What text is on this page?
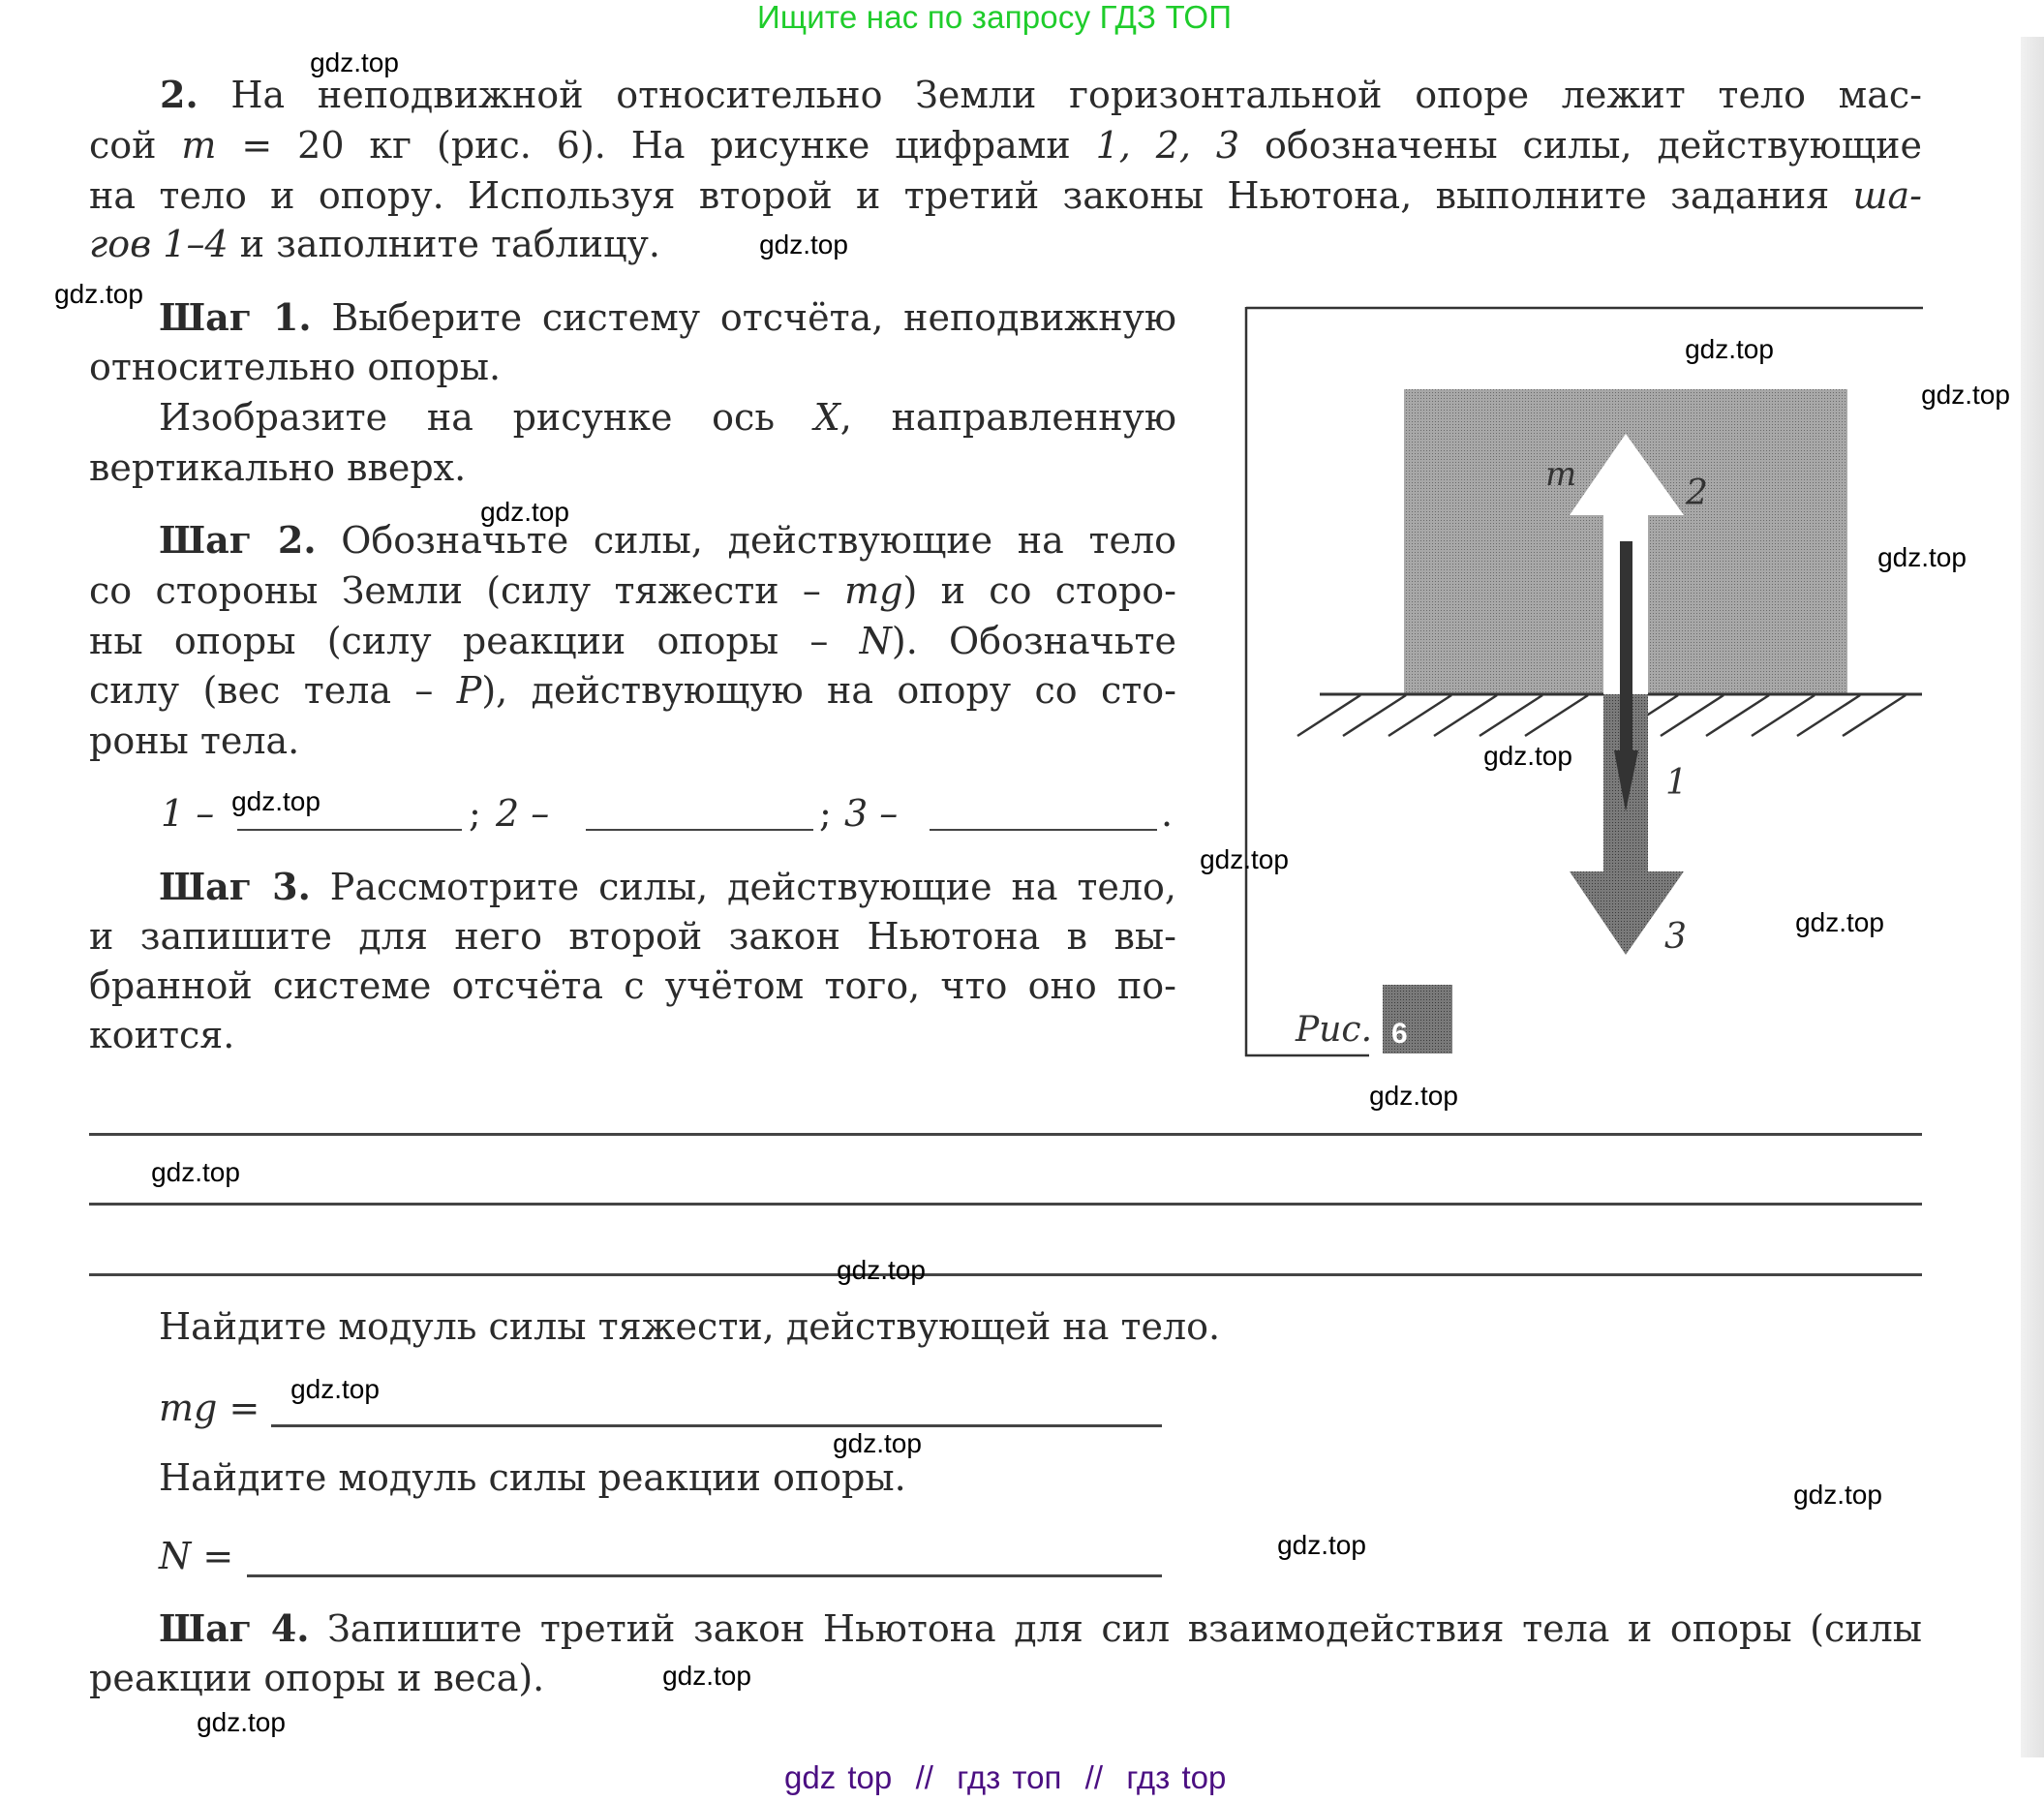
Ищите нас по запросу ГДЗ ТОП
2. На неподвижной относительно Земли горизонтальной опоре лежит тело мас-
сой m = 20 кг (рис. 6). На рисунке цифрами 1, 2, 3 обозначены силы, действующие
на тело и опору. Используя второй и третий законы Ньютона, выполните задания ша-
гов 1–4 и заполните таблицу.
Шаг 1. Выберите систему отсчёта, неподвижную
относительно опоры.
Изобразите на рисунке ось X, направленную
вертикально вверх.
Шаг 2. Обозначьте силы, действующие на тело
со стороны Земли (силу тяжести – mg) и со сторо-
ны опоры (силу реакции опоры – N). Обозначьте
силу (вес тела – P), действующую на опору со сто-
роны тела.
1 –	; 2 –	; 3 –	.
Шаг 3. Рассмотрите силы, действующие на тело,
и запишите для него второй закон Ньютона в вы-
бранной системе отсчёта с учётом того, что оно по-
коится.
Найдите модуль силы тяжести, действующей на тело.
mg =
Найдите модуль силы реакции опоры.
N =
Шаг 4. Запишите третий закон Ньютона для сил взаимодействия тела и опоры (силы
реакции опоры и веса).
m	2
1
3
Рис. 6
gdz.top
gdz.top
gdz.top
gdz.top
gdz.top
gdz.top
gdz.top
gdz.top
gdz.top
gdz.top
gdz.top
gdz.top
gdz.top
gdz.top
gdz.top
gdz.top
gdz.top
gdz.top
gdz.top
gdz.top
gdz top  //  гдз топ  //  гдз top
